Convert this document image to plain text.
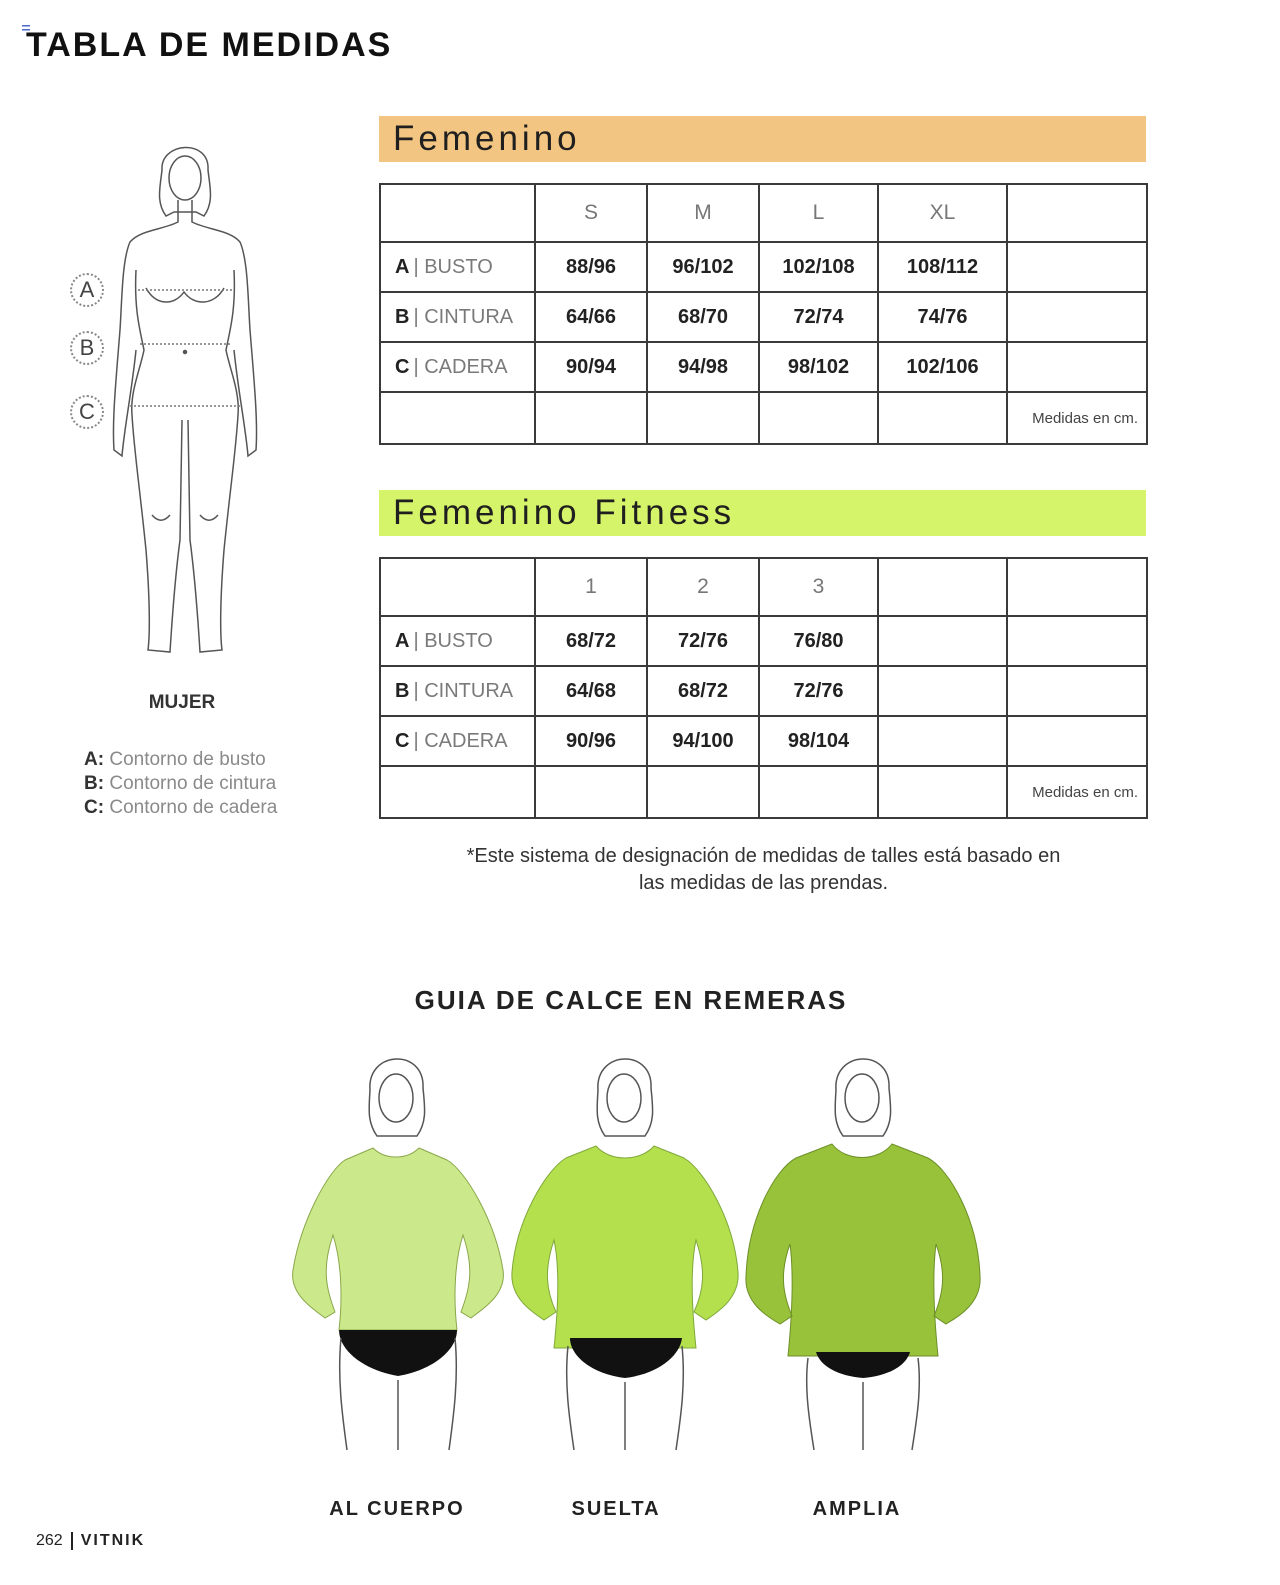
TABLA DE MEDIDAS
A
B
C
MUJER
A: Contorno de busto
B: Contorno de cintura
C: Contorno de cadera
Femenino
	S	M	L	XL	
A | BUSTO	88/96	96/102	102/108	108/112	
B | CINTURA	64/66	68/70	72/74	74/76	
C | CADERA	90/94	94/98	98/102	102/106	
					Medidas en cm.
Femenino Fitness
	1	2	3		
A | BUSTO	68/72	72/76	76/80		
B | CINTURA	64/68	68/72	72/76		
C | CADERA	90/96	94/100	98/104		
					Medidas en cm.
*Este sistema de designación de medidas de talles está basado en
las medidas de las prendas.
GUIA DE CALCE EN REMERAS
AL CUERPO	SUELTA	AMPLIA
262 VITNIK
